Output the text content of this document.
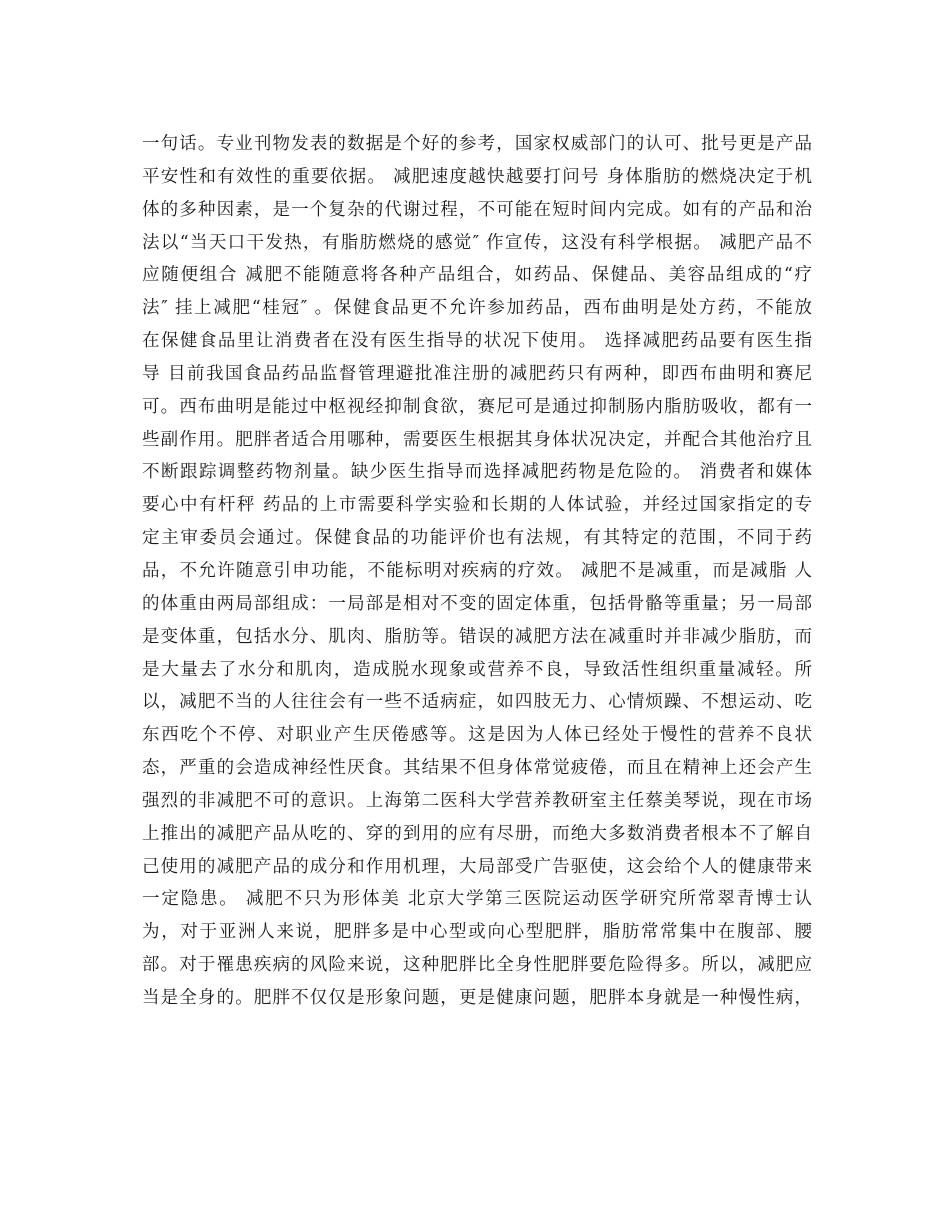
一句话。专业刊物发表的数据是个好的参考，国家权威部门的认可、批号更是产品
平安性和有效性的重要依据。 减肥速度越快越要打问号 身体脂肪的燃烧决定于机
体的多种因素，是一个复杂的代谢过程，不可能在短时间内完成。如有的产品和治
法以“当天口干发热，有脂肪燃烧的感觉″ 作宣传，这没有科学根据。 减肥产品不
应随便组合 减肥不能随意将各种产品组合，如药品、保健品、美容品组成的“疗
法″ 挂上减肥“桂冠″ 。保健食品更不允许参加药品，西布曲明是处方药，不能放
在保健食品里让消费者在没有医生指导的状况下使用。 选择减肥药品要有医生指
导 目前我国食品药品监督管理避批准注册的减肥药只有两种，即西布曲明和赛尼
可。西布曲明是能过中枢视经抑制食欲，赛尼可是通过抑制肠内脂肪吸收，都有一
些副作用。肥胖者适合用哪种，需要医生根据其身体状况决定，并配合其他治疗且
不断跟踪调整药物剂量。缺少医生指导而选择减肥药物是危险的。 消费者和媒体
要心中有杆秤 药品的上市需要科学实验和长期的人体试验，并经过国家指定的专
定主审委员会通过。保健食品的功能评价也有法规，有其特定的范围，不同于药
品，不允许随意引申功能，不能标明对疾病的疗效。 减肥不是减重，而是减脂 人
的体重由两局部组成：一局部是相对不变的固定体重，包括骨骼等重量；另一局部
是变体重，包括水分、肌肉、脂肪等。错误的减肥方法在减重时并非减少脂肪，而
是大量去了水分和肌肉，造成脱水现象或营养不良，导致活性组织重量减轻。所
以，减肥不当的人往往会有一些不适病症，如四肢无力、心情烦躁、不想运动、吃
东西吃个不停、对职业产生厌倦感等。这是因为人体已经处于慢性的营养不良状
态，严重的会造成神经性厌食。其结果不但身体常觉疲倦，而且在精神上还会产生
强烈的非减肥不可的意识。上海第二医科大学营养教研室主任蔡美琴说，现在市场
上推出的减肥产品从吃的、穿的到用的应有尽册，而绝大多数消费者根本不了解自
己使用的减肥产品的成分和作用机理，大局部受广告驱使，这会给个人的健康带来
一定隐患。 减肥不只为形体美 北京大学第三医院运动医学研究所常翠青博士认
为，对于亚洲人来说，肥胖多是中心型或向心型肥胖，脂肪常常集中在腹部、腰
部。对于罹患疾病的风险来说，这种肥胖比全身性肥胖要危险得多。所以，减肥应
当是全身的。肥胖不仅仅是形象问题，更是健康问题，肥胖本身就是一种慢性病，
